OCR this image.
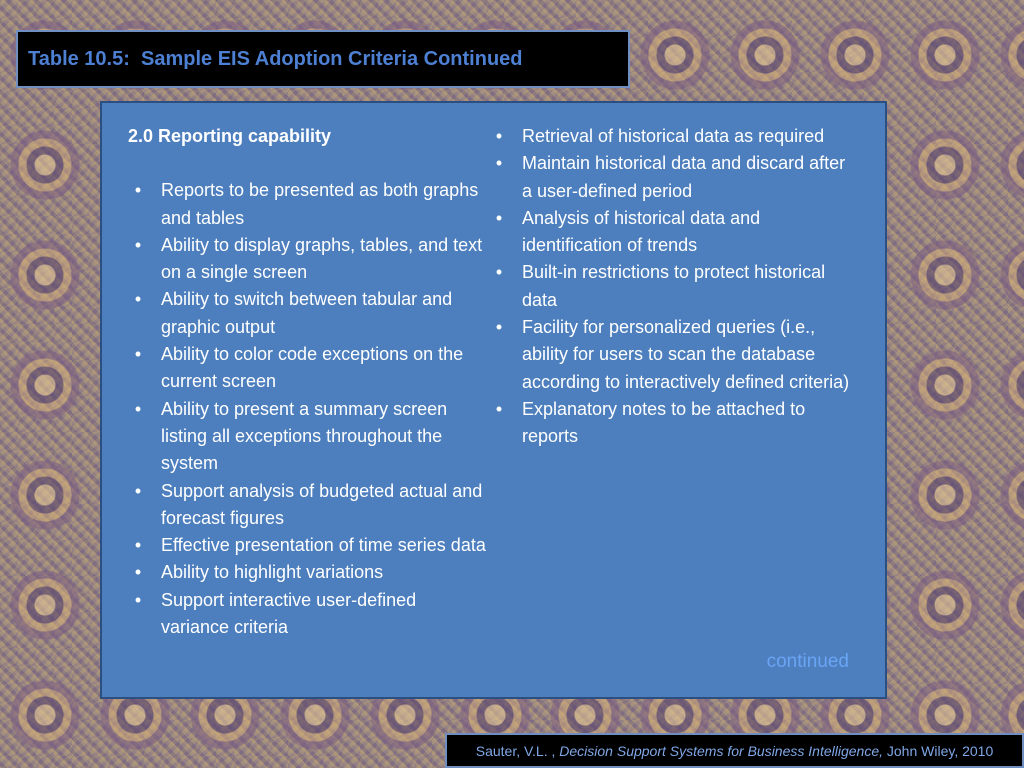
Table 10.5:  Sample EIS Adoption Criteria Continued

2.0 Reporting capability

•	Reports to be presented as both graphs and tables
•	Ability to display graphs, tables, and text on a single screen
•	Ability to switch between tabular and graphic output
•	Ability to color code exceptions on the current screen
•	Ability to present a summary screen listing all exceptions throughout the system
•	Support analysis of budgeted actual and forecast figures
•	Effective presentation of time series data
•	Ability to highlight variations
•	Support interactive user-defined variance criteria
•	Retrieval of historical data as required
•	Maintain historical data and discard after a user-defined period
•	Analysis of historical data and identification of trends
•	Built-in restrictions to protect historical data
•	Facility for personalized queries (i.e., ability for users to scan the database according to interactively defined criteria)
•	Explanatory notes to be attached to reports
continued
Sauter, V.L. ,
Decision Support Systems for Business Intelligence,
John Wiley, 2010
